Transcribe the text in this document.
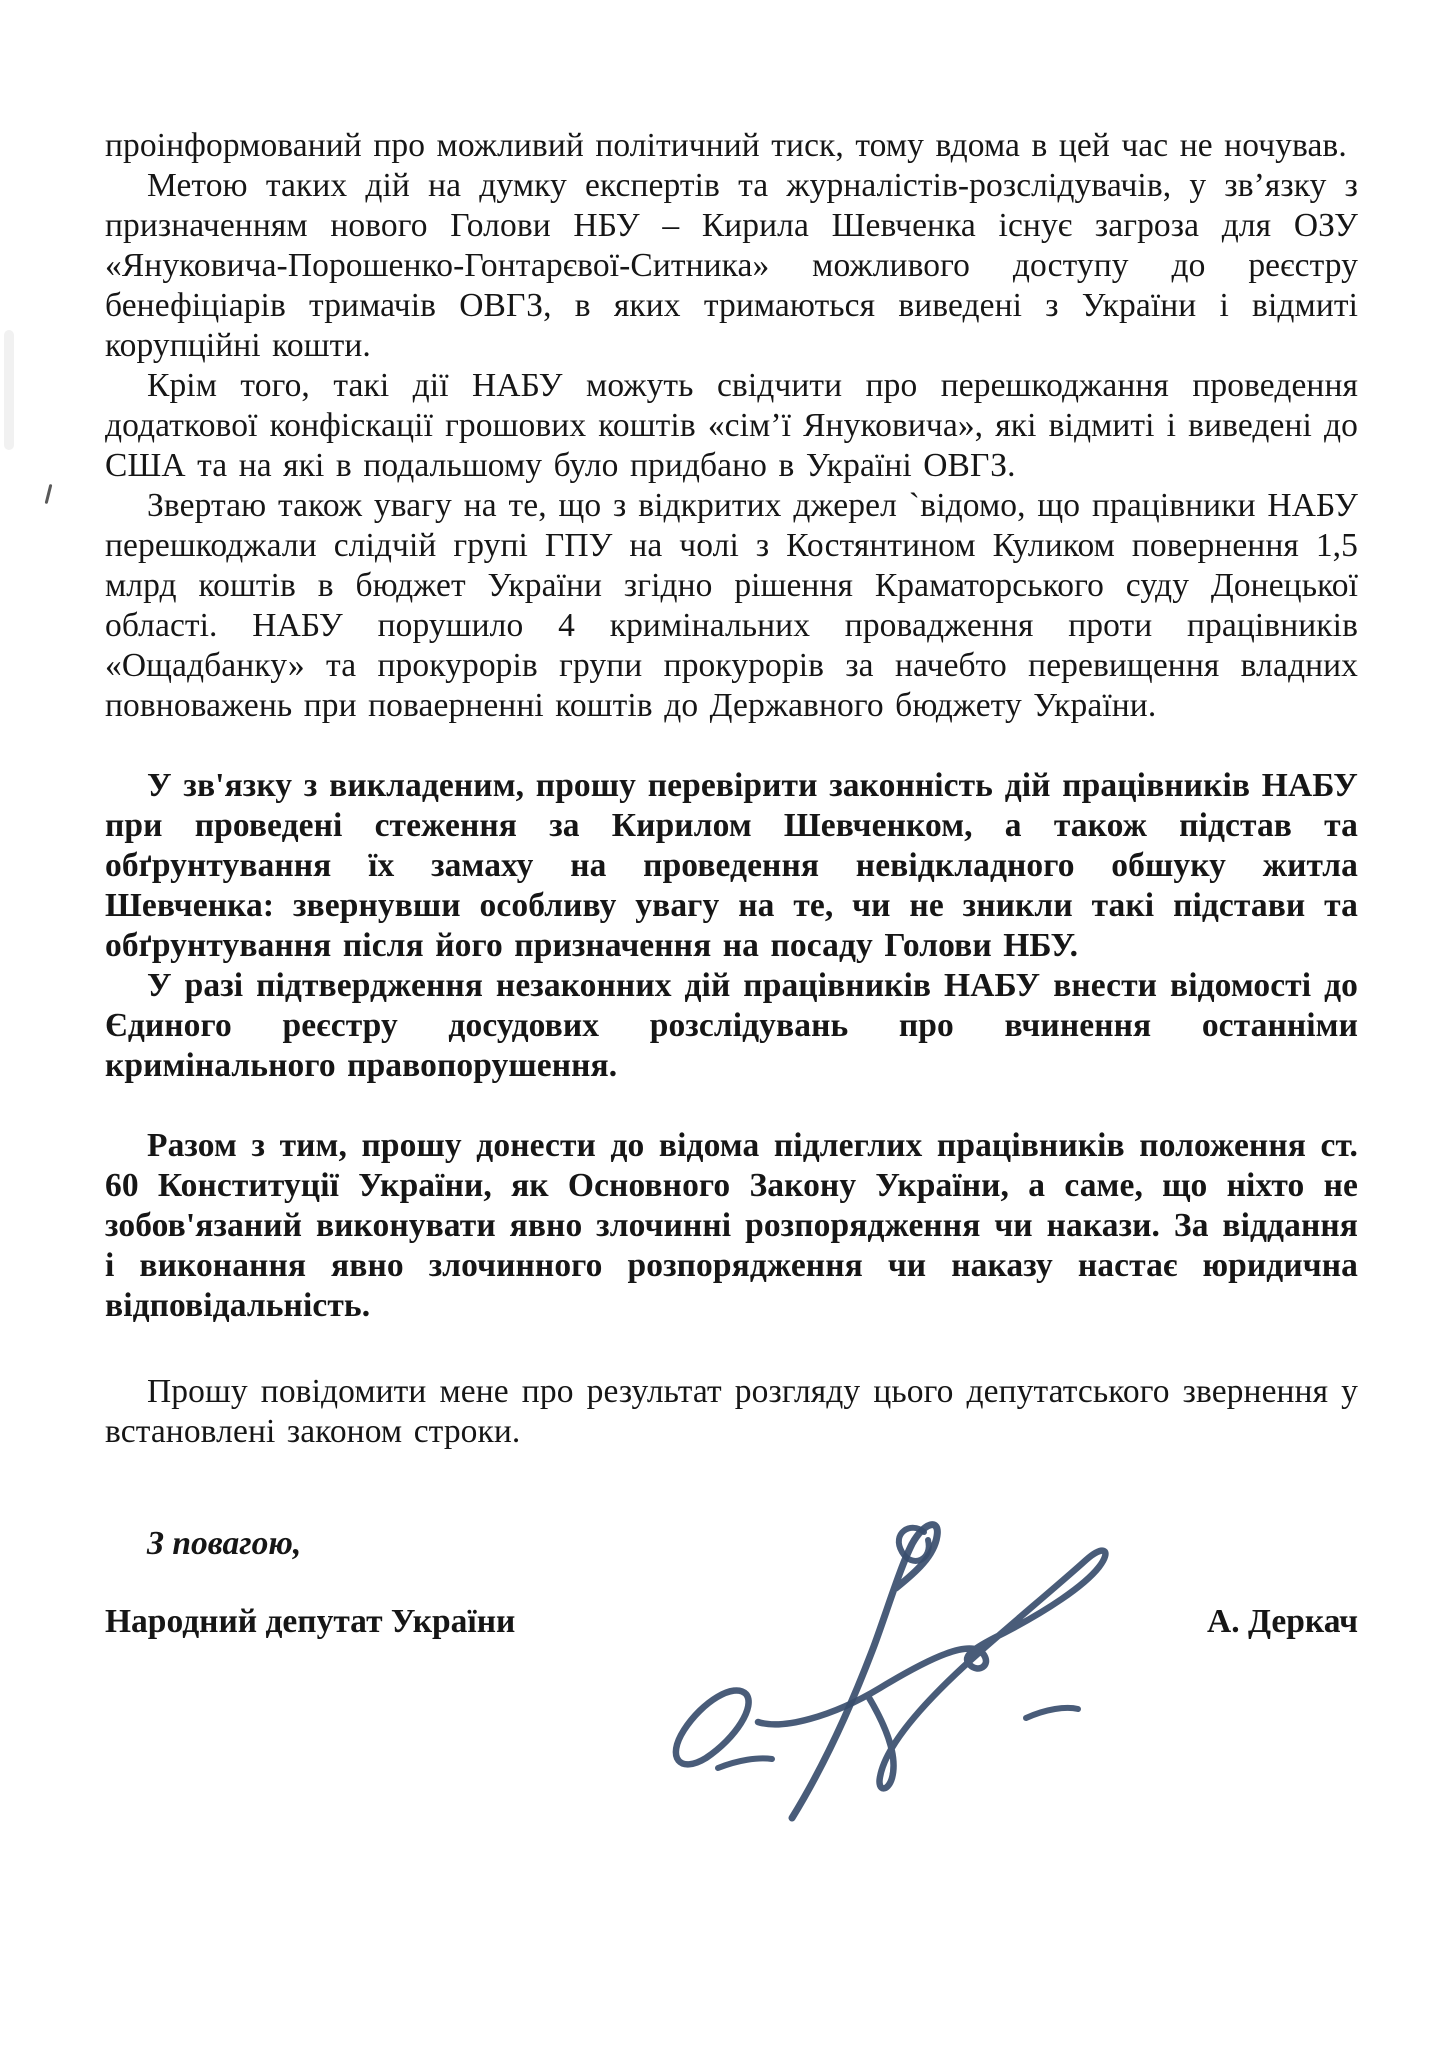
проінформований про можливий політичний тиск, тому вдома в цей час не ночував.

Метою таких дій на думку експертів та журналістів-розслідувачів, у зв’язку з призначенням нового Голови НБУ – Кирила Шевченка існує загроза для ОЗУ «Януковича-Порошенко-Гонтарєвої-Ситника» можливого доступу до реєстру бенефіціарів тримачів ОВГЗ, в яких тримаються виведені з України і відмиті корупційні кошти.

Крім того, такі дії НАБУ можуть свідчити про перешкоджання проведення додаткової конфіскації грошових коштів «сім’ї Януковича», які відмиті і виведені до США та на які в подальшому було придбано в Україні ОВГЗ.

Звертаю також увагу на те, що з відкритих джерел ˋвідомо, що працівники НАБУ перешкоджали слідчій групі ГПУ на чолі з Костянтином Куликом повернення 1,5 млрд коштів в бюджет України згідно рішення Краматорського суду Донецької області. НАБУ порушило 4 кримінальних провадження проти працівників «Ощадбанку» та прокурорів групи прокурорів за начебто перевищення владних повноважень при поваерненні коштів до Державного бюджету України.

У зв'язку з викладеним, прошу перевірити законність дій працівників НАБУ при проведені стеження за Кирилом Шевченком, а також підстав та обґрунтування їх замаху на проведення невідкладного обшуку житла Шевченка: звернувши особливу увагу на те, чи не зникли такі підстави та обґрунтування після його призначення на посаду Голови НБУ.

У разі підтвердження незаконних дій працівників НАБУ внести відомості до Єдиного реєстру досудових розслідувань про вчинення останніми кримінального правопорушення.

Разом з тим, прошу донести до відома підлеглих працівників положення ст. 60 Конституції України, як Основного Закону України, а саме, що ніхто не зобов'язаний виконувати явно злочинні розпорядження чи накази. За віддання і виконання явно злочинного розпорядження чи наказу настає юридична відповідальність.

Прошу повідомити мене про результат розгляду цього депутатського звернення у встановлені законом строки.

З повагою,

Народний депутат України	А. Деркач
